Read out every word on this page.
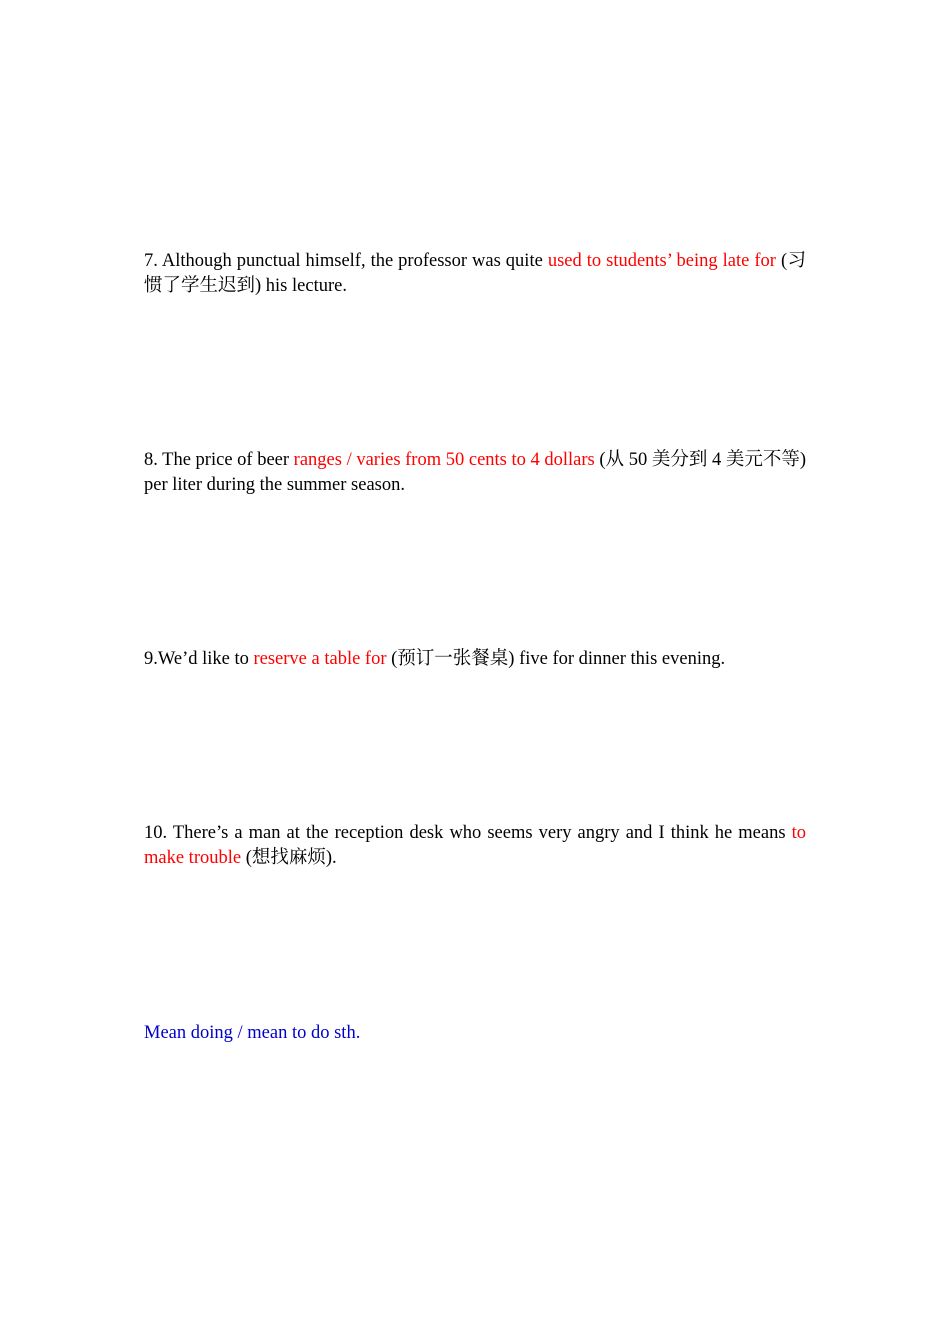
7. Although punctual himself, the professor was quite used to students’ being late for (习惯了学生迟到) his lecture.

8. The price of beer ranges / varies from 50 cents to 4 dollars (从 50 美分到 4 美元不等) per liter during the summer season.

9.We’d like to reserve a table for (预订一张餐桌) five for dinner this evening.

10. There’s a man at the reception desk who seems very angry and I think he means to make trouble (想找麻烦).

Mean doing / mean to do sth.
